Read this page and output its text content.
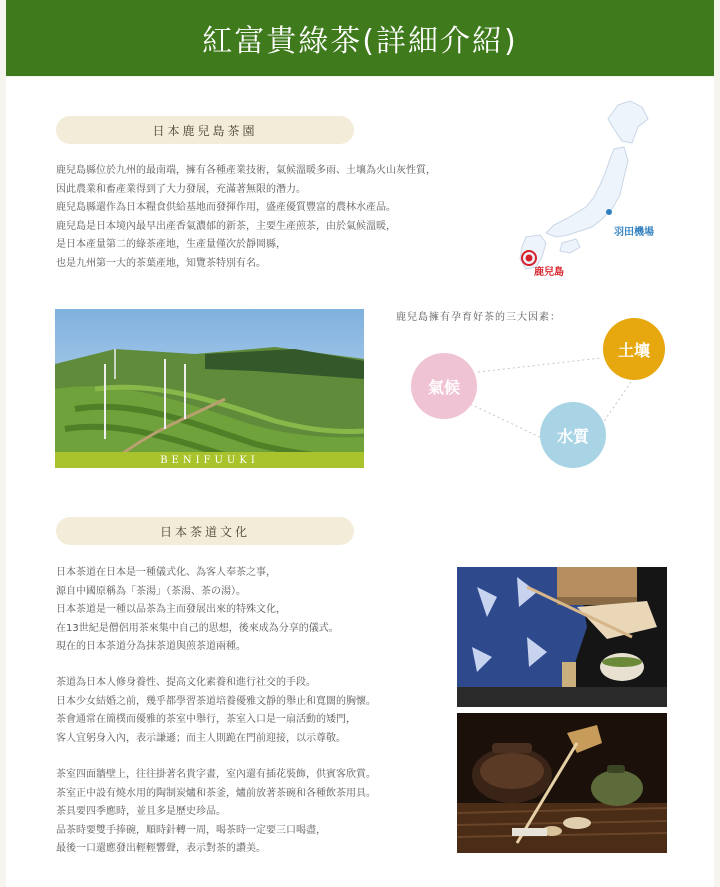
紅富貴綠茶(詳細介紹)
日本鹿兒島茶園
鹿兒島縣位於九州的最南端，擁有各種產業技術，氣候溫暖多雨、土壤為火山灰性質，
因此農業和畜產業得到了大力發展，充滿著無限的潛力。
鹿兒島縣還作為日本糧食供給基地而發揮作用，盛產優質豐富的農林水產品。
鹿兒島是日本境內最早出產香氣濃郁的新茶，主要生產煎茶，由於氣候溫暖，
是日本產量第二的綠茶產地，生產量僅次於靜岡縣，
也是九州第一大的茶葉產地，知覽茶特別有名。
羽田機場
鹿兒島
BENIFUUKI
鹿兒島擁有孕育好茶的三大因素：
土壤
氣候
水質
日本茶道文化
日本茶道在日本是一種儀式化、為客人奉茶之事，
源自中國原稱為「茶湯」（茶湯、茶の湯）。
日本茶道是一種以品茶為主而發展出來的特殊文化，
在13世紀是僧侶用茶來集中自己的思想，後來成為分享的儀式。
現在的日本茶道分為抹茶道與煎茶道兩種。
茶道為日本人修身養性、提高文化素養和進行社交的手段。
日本少女結婚之前，幾乎都學習茶道培養優雅文靜的舉止和寬闊的胸懷。
茶會通常在簡樸而優雅的茶室中舉行，茶室入口是一扇活動的矮門，
客人宜躬身入內，表示謙遜；而主人則跪在門前迎接，以示尊敬。
茶室四面牆壁上，往往掛著名貴字畫，室內還有插花裝飾，供賓客欣賞。
茶室正中設有燒水用的陶制炭爐和茶釜，爐前放著茶碗和各種飲茶用具。
茶具要四季應時，並且多是歷史珍品。
品茶時要雙手捧碗，順時針轉一周，喝茶時一定要三口喝盡，
最後一口還應發出輕輕響聲，表示對茶的讚美。
